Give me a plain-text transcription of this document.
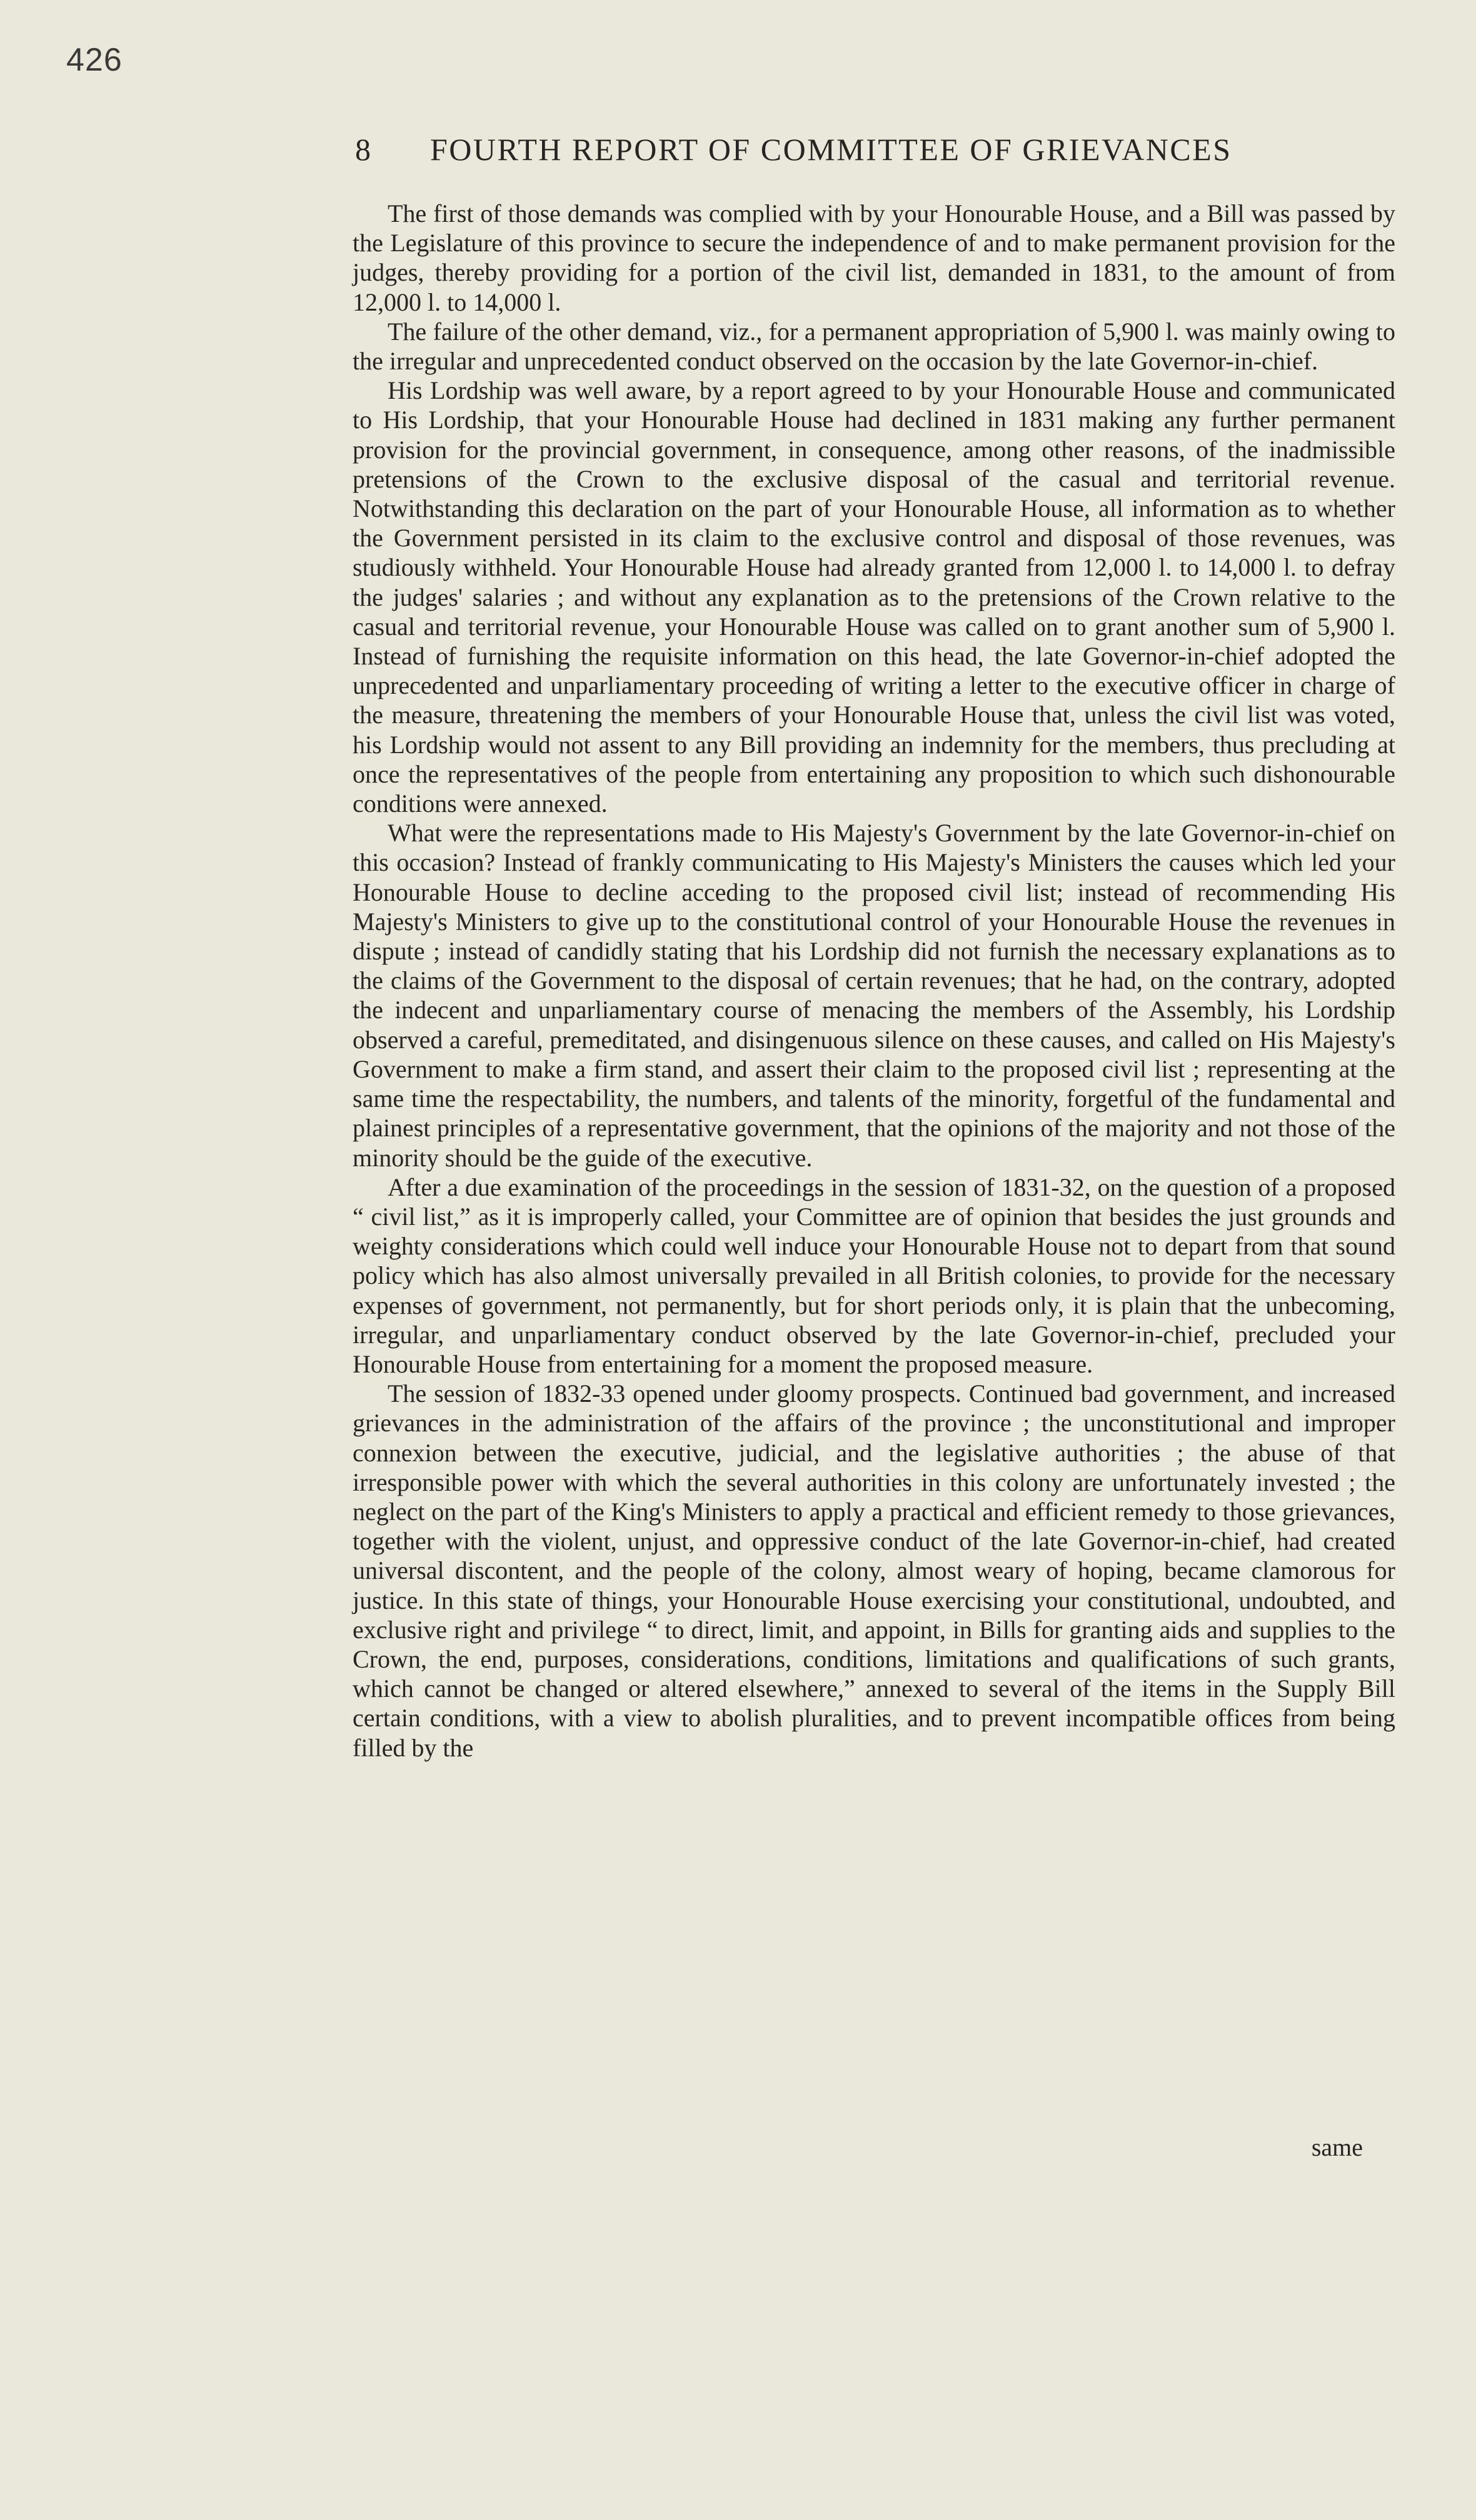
426
8 FOURTH REPORT OF COMMITTEE OF GRIEVANCES

The first of those demands was complied with by your Honourable House, and a Bill was passed by the Legislature of this province to secure the independence of and to make permanent provision for the judges, thereby providing for a portion of the civil list, demanded in 1831, to the amount of from 12,000 l. to 14,000 l.

The failure of the other demand, viz., for a permanent appropriation of 5,900 l. was mainly owing to the irregular and unprecedented conduct observed on the occasion by the late Governor-in-chief.

His Lordship was well aware, by a report agreed to by your Honourable House and communicated to His Lordship, that your Honourable House had declined in 1831 making any further permanent provision for the provincial government, in consequence, among other reasons, of the inadmissible pretensions of the Crown to the exclusive disposal of the casual and territorial revenue. Notwithstanding this declaration on the part of your Honourable House, all information as to whether the Government persisted in its claim to the exclusive control and disposal of those revenues, was studiously withheld. Your Honourable House had already granted from 12,000 l. to 14,000 l. to defray the judges' salaries ; and without any explanation as to the pretensions of the Crown relative to the casual and territorial revenue, your Honourable House was called on to grant another sum of 5,900 l. Instead of furnishing the requisite information on this head, the late Governor-in-chief adopted the unprecedented and unparliamentary proceeding of writing a letter to the executive officer in charge of the measure, threatening the members of your Honourable House that, unless the civil list was voted, his Lordship would not assent to any Bill providing an indemnity for the members, thus precluding at once the representatives of the people from entertaining any proposition to which such dishonourable conditions were annexed.

What were the representations made to His Majesty's Government by the late Governor-in-chief on this occasion? Instead of frankly communicating to His Majesty's Ministers the causes which led your Honourable House to decline acceding to the proposed civil list; instead of recommending His Majesty's Ministers to give up to the constitutional control of your Honourable House the revenues in dispute ; instead of candidly stating that his Lordship did not furnish the necessary explanations as to the claims of the Government to the disposal of certain revenues; that he had, on the contrary, adopted the indecent and unparliamentary course of menacing the members of the Assembly, his Lordship observed a careful, premeditated, and disingenuous silence on these causes, and called on His Majesty's Government to make a firm stand, and assert their claim to the proposed civil list ; representing at the same time the respectability, the numbers, and talents of the minority, forgetful of the fundamental and plainest principles of a representative government, that the opinions of the majority and not those of the minority should be the guide of the executive.

After a due examination of the proceedings in the session of 1831-32, on the question of a proposed “ civil list,” as it is improperly called, your Committee are of opinion that besides the just grounds and weighty considerations which could well induce your Honourable House not to depart from that sound policy which has also almost universally prevailed in all British colonies, to provide for the necessary expenses of government, not permanently, but for short periods only, it is plain that the unbecoming, irregular, and unparliamentary conduct observed by the late Governor-in-chief, precluded your Honourable House from entertaining for a moment the proposed measure.

The session of 1832-33 opened under gloomy prospects. Continued bad government, and increased grievances in the administration of the affairs of the province ; the unconstitutional and improper connexion between the executive, judicial, and the legislative authorities ; the abuse of that irresponsible power with which the several authorities in this colony are unfortunately invested ; the neglect on the part of the King's Ministers to apply a practical and efficient remedy to those grievances, together with the violent, unjust, and oppressive conduct of the late Governor-in-chief, had created universal discontent, and the people of the colony, almost weary of hoping, became clamorous for justice. In this state of things, your Honourable House exercising your constitutional, undoubted, and exclusive right and privilege “ to direct, limit, and appoint, in Bills for granting aids and supplies to the Crown, the end, purposes, considerations, conditions, limitations and qualifications of such grants, which cannot be changed or altered elsewhere,” annexed to several of the items in the Supply Bill certain conditions, with a view to abolish pluralities, and to prevent incompatible offices from being filled by the

same
